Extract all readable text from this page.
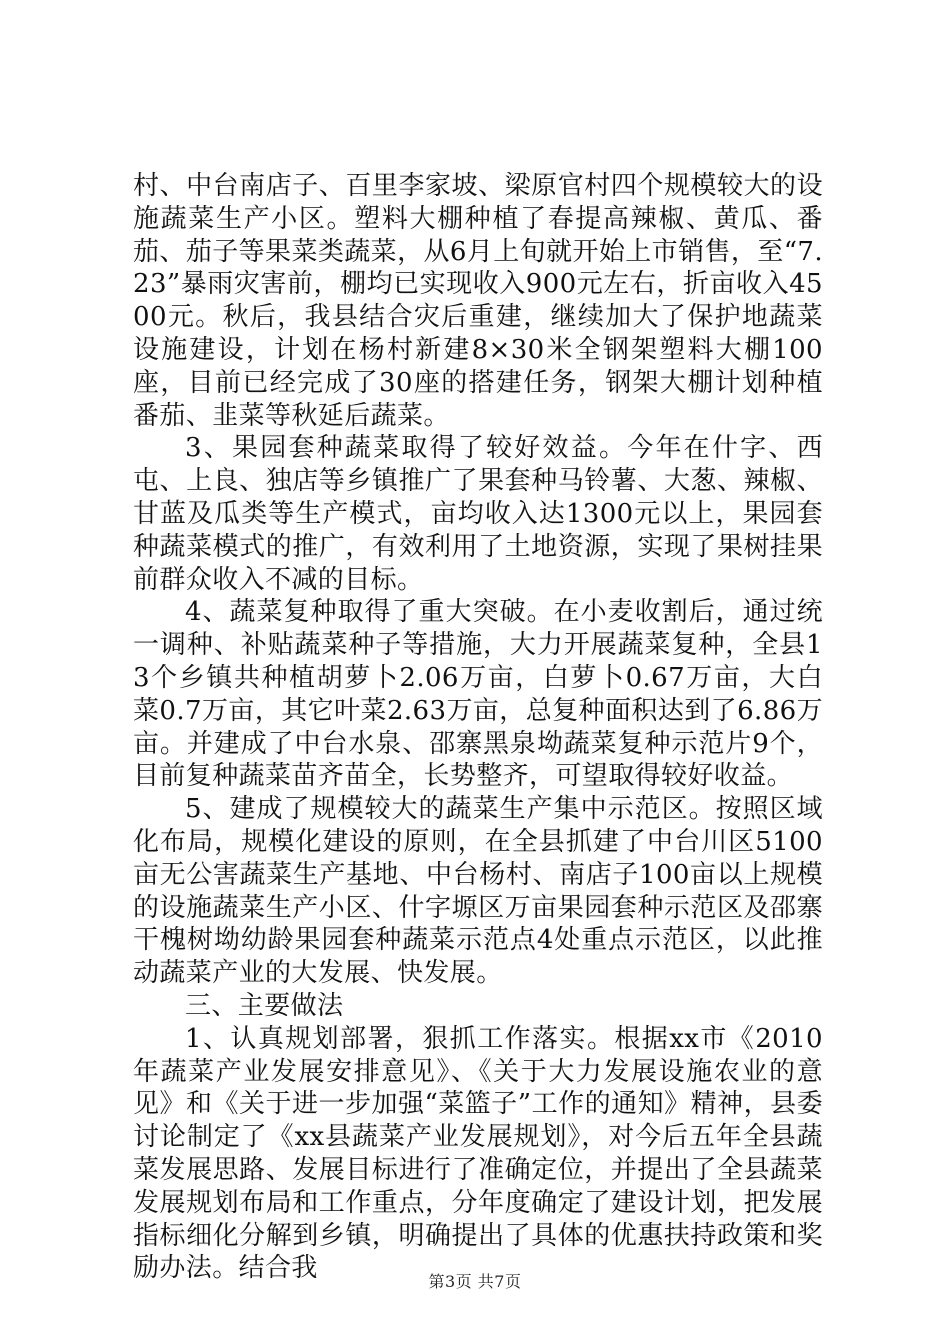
村、中台南店子、百里李家坡、梁原官村四个规模较大的设施蔬菜生产小区。塑料大棚种植了春提高辣椒、黄瓜、番茄、茄子等果菜类蔬菜，从6月上旬就开始上市销售，至“7.23”暴雨灾害前，棚均已实现收入900元左右，折亩收入4500元。秋后，我县结合灾后重建，继续加大了保护地蔬菜设施建设，计划在杨村新建8×30米全钢架塑料大棚100座，目前已经完成了30座的搭建任务，钢架大棚计划种植番茄、韭菜等秋延后蔬菜。

3、果园套种蔬菜取得了较好效益。今年在什字、西屯、上良、独店等乡镇推广了果套种马铃薯、大葱、辣椒、甘蓝及瓜类等生产模式，亩均收入达1300元以上，果园套种蔬菜模式的推广，有效利用了土地资源，实现了果树挂果前群众收入不减的目标。

4、蔬菜复种取得了重大突破。在小麦收割后，通过统一调种、补贴蔬菜种子等措施，大力开展蔬菜复种，全县13个乡镇共种植胡萝卜2.06万亩，白萝卜0.67万亩，大白菜0.7万亩，其它叶菜2.63万亩，总复种面积达到了6.86万亩。并建成了中台水泉、邵寨黑泉坳蔬菜复种示范片9个，目前复种蔬菜苗齐苗全，长势整齐，可望取得较好收益。

5、建成了规模较大的蔬菜生产集中示范区。按照区域化布局，规模化建设的原则，在全县抓建了中台川区5100亩无公害蔬菜生产基地、中台杨村、南店子100亩以上规模的设施蔬菜生产小区、什字塬区万亩果园套种示范区及邵寨干槐树坳幼龄果园套种蔬菜示范点4处重点示范区，以此推动蔬菜产业的大发展、快发展。

三、主要做法

1、认真规划部署，狠抓工作落实。根据xx市《2010年蔬菜产业发展安排意见》、《关于大力发展设施农业的意见》和《关于进一步加强“菜篮子”工作的通知》精神，县委讨论制定了《xx县蔬菜产业发展规划》，对今后五年全县蔬菜发展思路、发展目标进行了准确定位，并提出了全县蔬菜发展规划布局和工作重点，分年度确定了建设计划，把发展指标细化分解到乡镇，明确提出了具体的优惠扶持政策和奖励办法。结合我	第3页 共7页
